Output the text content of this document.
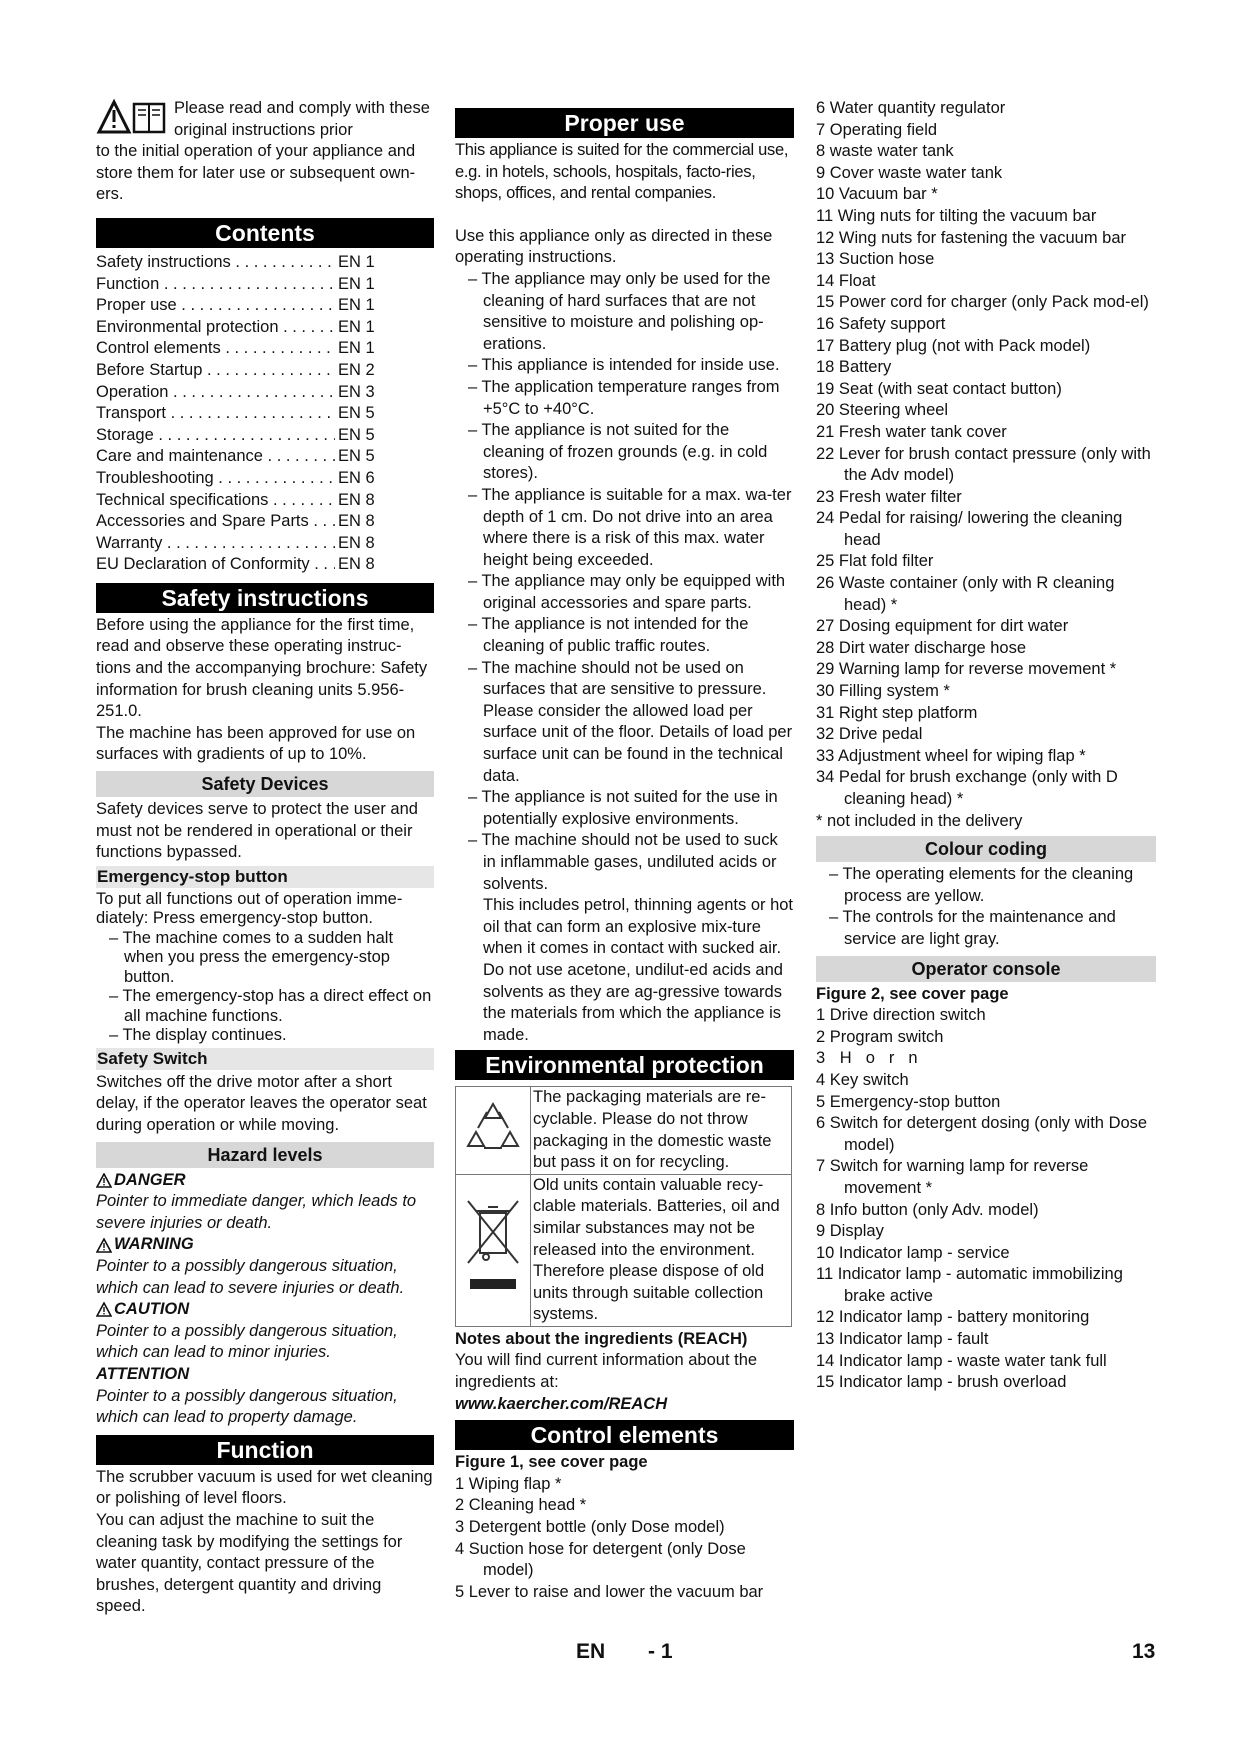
Please read and comply with these original instructions prior

to the initial operation of your appliance and store them for later use or subsequent own-ers.

Contents
Safety instructions . . .	EN 1
Function . . .	EN 1
Proper use . . .	EN 1
Environmental protection . . .	EN 1
Control elements . . .	EN 1
Before Startup . . .	EN 2
Operation . . .	EN 3
Transport . . .	EN 5
Storage . . .	EN 5
Care and maintenance . . .	EN 5
Troubleshooting . . .	EN 6
Technical specifications . . .	EN 8
Accessories and Spare Parts . . .	EN 8
Warranty . . .	EN 8
EU Declaration of Conformity . . .	EN 8
Safety instructions

Before using the appliance for the first time, read and observe these operating instruc-tions and the accompanying brochure: Safety information for brush cleaning units 5.956-251.0.

The machine has been approved for use on surfaces with gradients of up to 10%.

Safety Devices

Safety devices serve to protect the user and must not be rendered in operational or their functions bypassed.

Emergency-stop button

To put all functions out of operation imme-diately: Press emergency-stop button.

– The machine comes to a sudden halt when you press the emergency-stop button.

– The emergency-stop has a direct effect on all machine functions.

– The display continues.

Safety Switch

Switches off the drive motor after a short delay, if the operator leaves the operator seat during operation or while moving.

Hazard levels
DANGER

Pointer to immediate danger, which leads to severe injuries or death.

WARNING

Pointer to a possibly dangerous situation, which can lead to severe injuries or death.

CAUTION

Pointer to a possibly dangerous situation, which can lead to minor injuries.

ATTENTION

Pointer to a possibly dangerous situation, which can lead to property damage.

Function

The scrubber vacuum is used for wet cleaning or polishing of level floors.

You can adjust the machine to suit the cleaning task by modifying the settings for water quantity, contact pressure of the brushes, detergent quantity and driving speed.

Proper use

This appliance is suited for the commercial use, e.g. in hotels, schools, hospitals, facto-ries, shops, offices, and rental companies.

Use this appliance only as directed in these operating instructions.

– The appliance may only be used for the cleaning of hard surfaces that are not sensitive to moisture and polishing op-erations.

– This appliance is intended for inside use.

– The application temperature ranges from +5°C to +40°C.

– The appliance is not suited for the cleaning of frozen grounds (e.g. in cold stores).

– The appliance is suitable for a max. wa-ter depth of 1 cm. Do not drive into an area where there is a risk of this max. water height being exceeded.

– The appliance may only be equipped with original accessories and spare parts.

– The appliance is not intended for the cleaning of public traffic routes.

– The machine should not be used on surfaces that are sensitive to pressure. Please consider the allowed load per surface unit of the floor. Details of load per surface unit can be found in the technical data.

– The appliance is not suited for the use in potentially explosive environments.

– The machine should not be used to suck in inflammable gases, undiluted acids or solvents.

This includes petrol, thinning agents or hot oil that can form an explosive mix-ture when it comes in contact with sucked air. Do not use acetone, undilut-ed acids and solvents as they are ag-gressive towards the materials from which the appliance is made.

Environmental protection
	The packaging materials are re-cyclable. Please do not throw packaging in the domestic waste but pass it on for recycling.
	Old units contain valuable recy-clable materials. Batteries, oil and similar substances may not be released into the environment. Therefore please dispose of old units through suitable collection systems.

Notes about the ingredients (REACH)

You will find current information about the ingredients at:

www.kaercher.com/REACH

Control elements

Figure 1, see cover page

1 Wiping flap *

2 Cleaning head *

3 Detergent bottle (only Dose model)

4 Suction hose for detergent (only Dose model)

5 Lever to raise and lower the vacuum bar

6 Water quantity regulator

7 Operating field

8 waste water tank

9 Cover waste water tank

10 Vacuum bar *

11 Wing nuts for tilting the vacuum bar

12 Wing nuts for fastening the vacuum bar

13 Suction hose

14 Float

15 Power cord for charger (only Pack mod-el)

16 Safety support

17 Battery plug (not with Pack model)

18 Battery

19 Seat (with seat contact button)

20 Steering wheel

21 Fresh water tank cover

22 Lever for brush contact pressure (only with the Adv model)

23 Fresh water filter

24 Pedal for raising/ lowering the cleaning head

25 Flat fold filter

26 Waste container (only with R cleaning head) *

27 Dosing equipment for dirt water

28 Dirt water discharge hose

29 Warning lamp for reverse movement *

30 Filling system *

31 Right step platform

32 Drive pedal

33 Adjustment wheel for wiping flap *

34 Pedal for brush exchange (only with D cleaning head) *

* not included in the delivery

Colour coding

– The operating elements for the cleaning process are yellow.

– The controls for the maintenance and service are light gray.

Operator console

Figure 2, see cover page

1 Drive direction switch

2 Program switch

3 Horn

4 Key switch

5 Emergency-stop button

6 Switch for detergent dosing (only with Dose model)

7 Switch for warning lamp for reverse movement *

8 Info button (only Adv. model)

9 Display

10 Indicator lamp - service

11 Indicator lamp - automatic immobilizing brake active

12 Indicator lamp - battery monitoring

13 Indicator lamp - fault

14 Indicator lamp - waste water tank full

15 Indicator lamp - brush overload

EN - 1	13
